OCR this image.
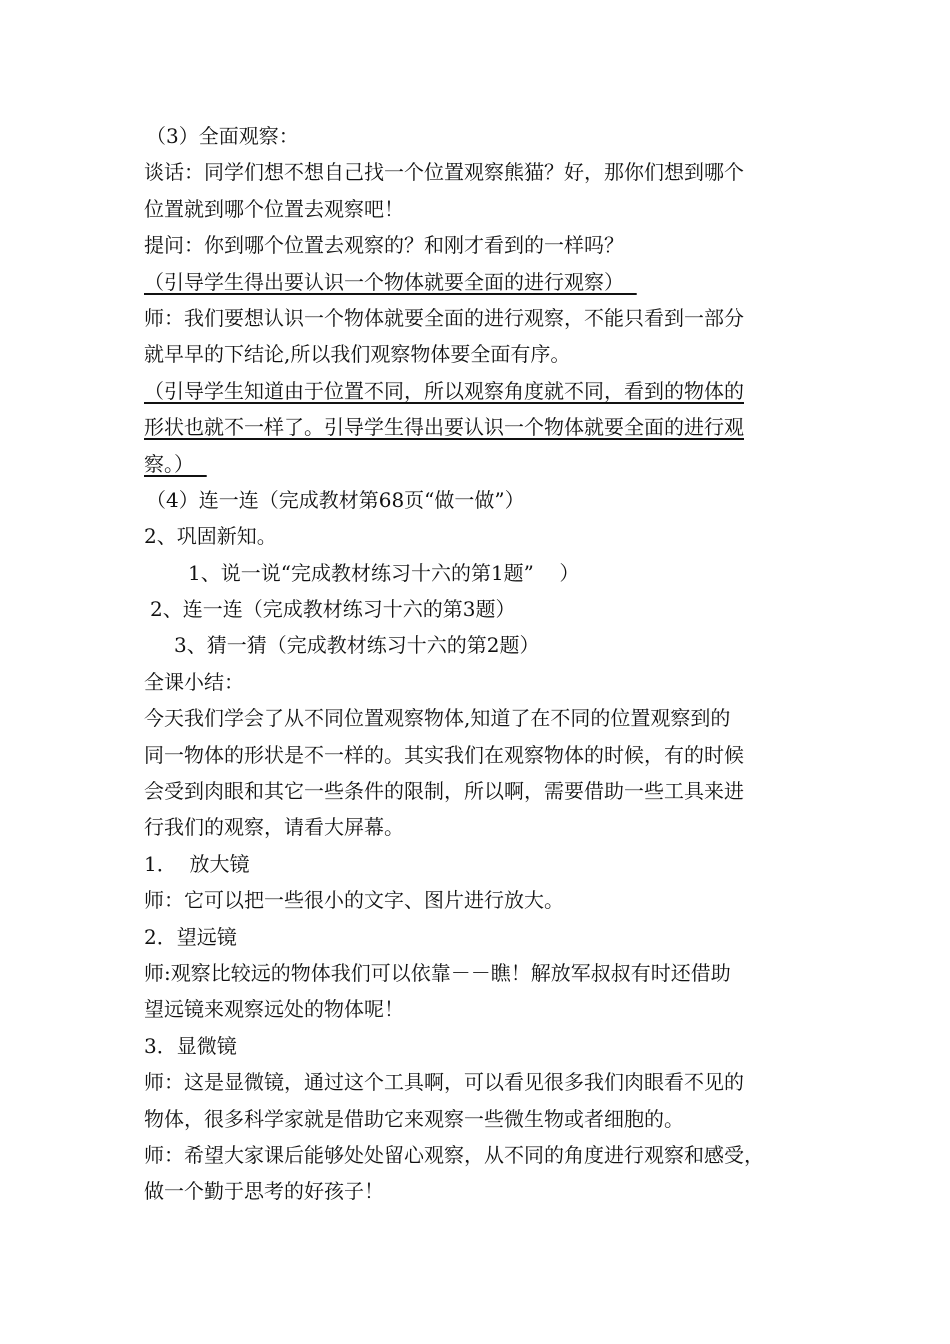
（3）全面观察：
谈话：同学们想不想自己找一个位置观察熊猫？好，那你们想到哪个
位置就到哪个位置去观察吧！
提问：你到哪个位置去观察的？和刚才看到的一样吗？
（引导学生得出要认识一个物体就要全面的进行观察）
师：我们要想认识一个物体就要全面的进行观察，不能只看到一部分
就早早的下结论,所以我们观察物体要全面有序。
（引导学生知道由于位置不同，所以观察角度就不同，看到的物体的
形状也就不一样了。引导学生得出要认识一个物体就要全面的进行观
察。）
（4）连一连（完成教材第68页“做一做”）
2、巩固新知。
1、说一说“完成教材练习十六的第1题”    ）
2、连一连（完成教材练习十六的第3题）
3、猜一猜（完成教材练习十六的第2题）
全课小结：
今天我们学会了从不同位置观察物体,知道了在不同的位置观察到的
同一物体的形状是不一样的。其实我们在观察物体的时候，有的时候
会受到肉眼和其它一些条件的限制，所以啊，需要借助一些工具来进
行我们的观察，请看大屏幕。
1．  放大镜
师：它可以把一些很小的文字、图片进行放大。
2．望远镜
师:观察比较远的物体我们可以依靠－－瞧！解放军叔叔有时还借助
望远镜来观察远处的物体呢！
3．显微镜
师：这是显微镜，通过这个工具啊，可以看见很多我们肉眼看不见的
物体，很多科学家就是借助它来观察一些微生物或者细胞的。
师：希望大家课后能够处处留心观察，从不同的角度进行观察和感受，
做一个勤于思考的好孩子！
